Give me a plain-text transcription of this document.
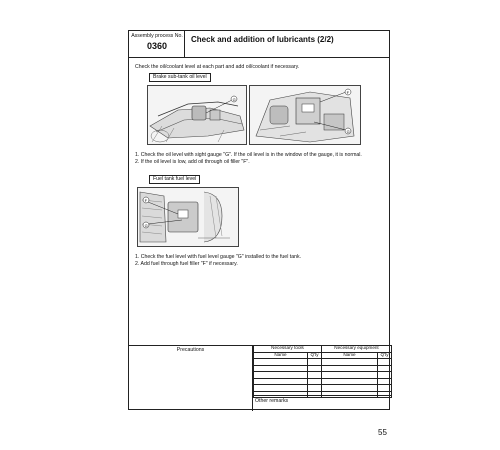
Assembly process No.
0360
Check and addition of lubricants (2/2)
Check the oil/coolant level at each part and add oil/coolant if necessary.
Brake sub-tank oil level
G
F
G
1. Check the oil level with sight gauge "G". If the oil level is in the window of the gauge, it is normal.
2. If the oil level is low, add oil through oil filler "F".
Fuel tank fuel level
F
G
1. Check the fuel level with fuel level gauge "G" installed to the fuel tank.
2. Add fuel through fuel filler "F" if necessary.
Precautions	Necessary tools		Necessary equipment	
Name	Q'ty	Name	Q'ty

Other remarks
55
